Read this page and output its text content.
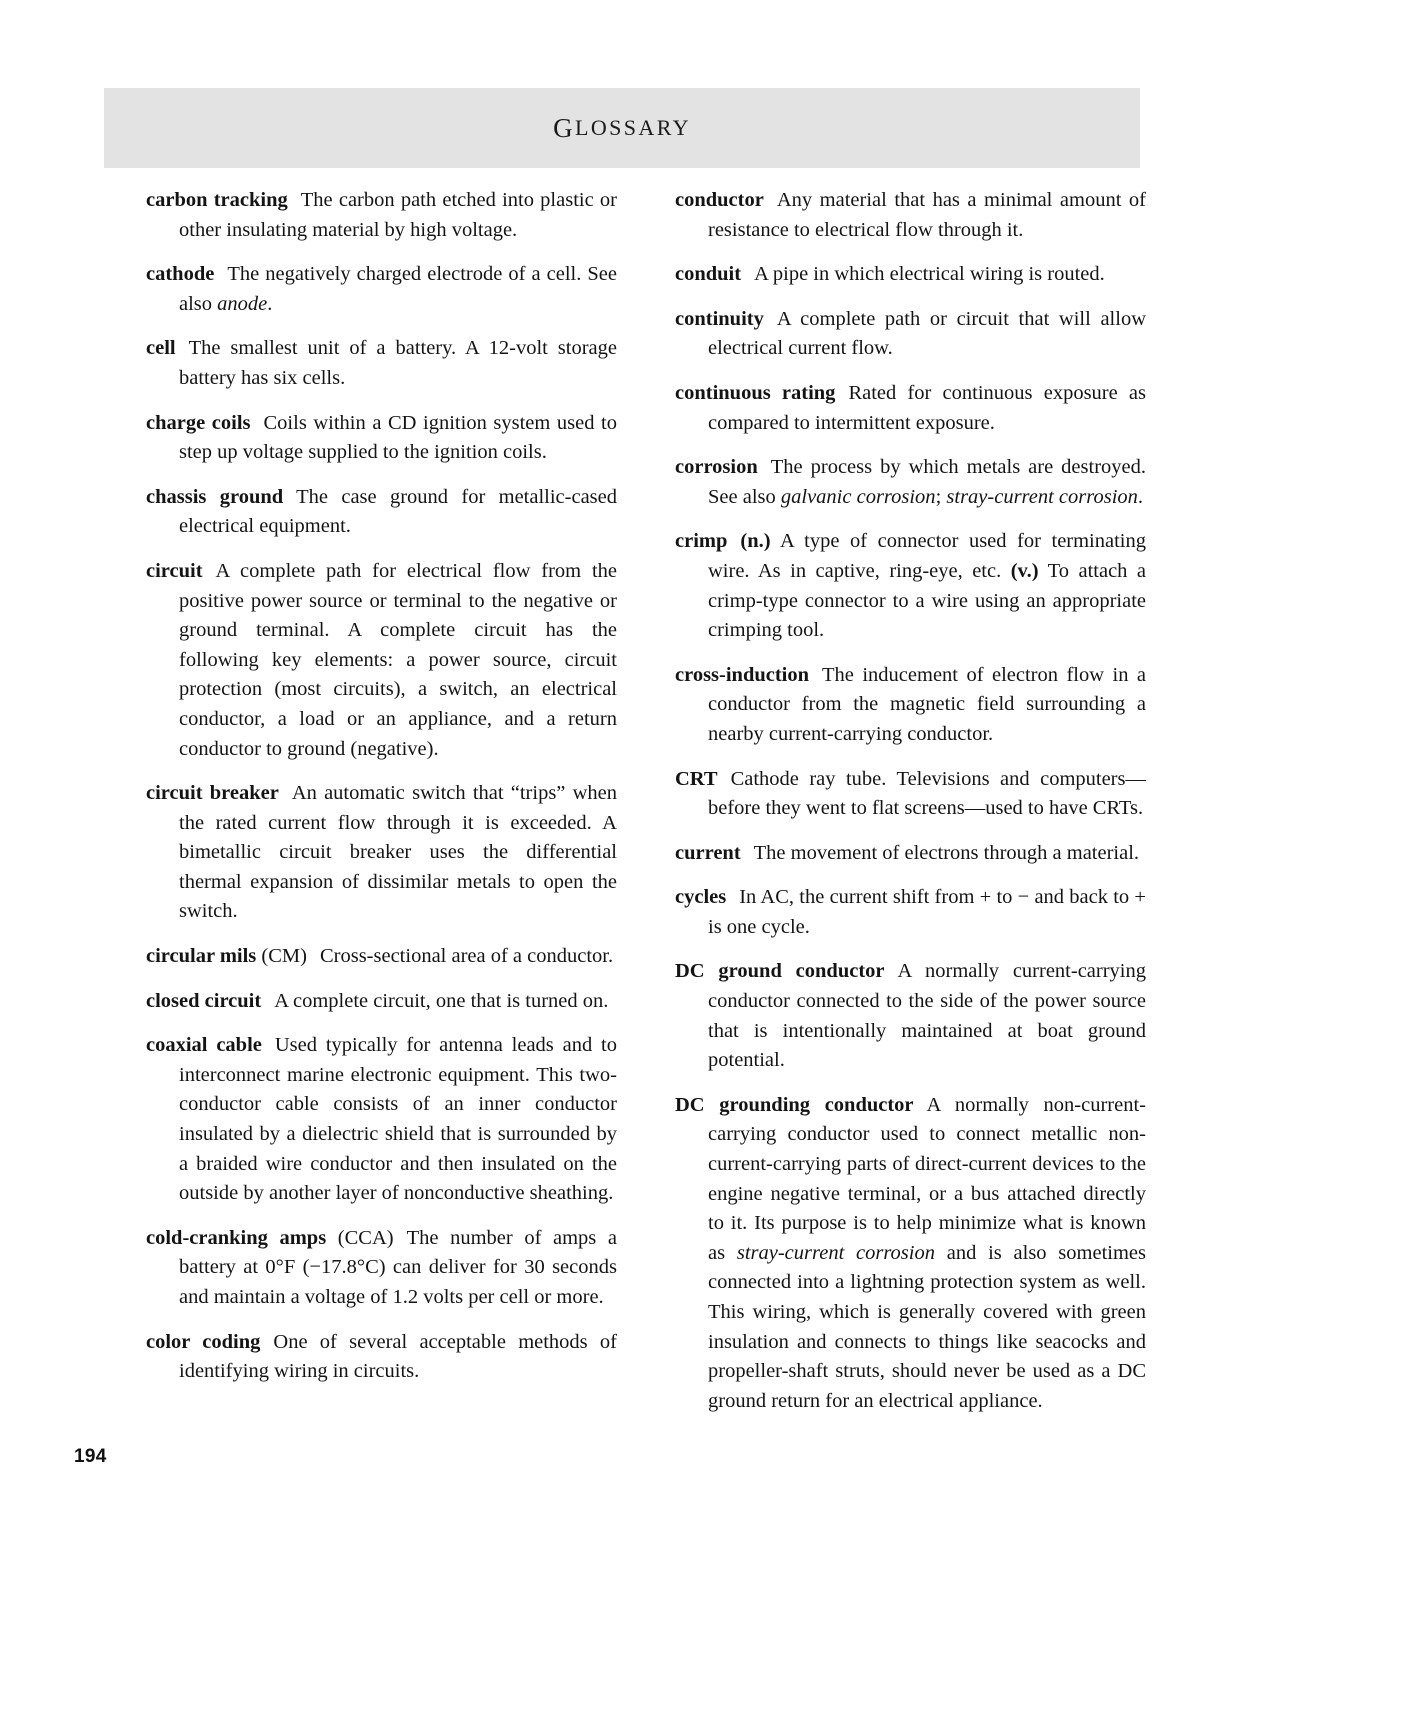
G LOSSARY

carbon tracking The carbon path etched into plastic or other insulating material by high voltage.

cathode The negatively charged electrode of a cell. See also anode.

cell The smallest unit of a battery. A 12-volt storage battery has six cells.

charge coils Coils within a CD ignition system used to step up voltage supplied to the ignition coils.

chassis ground The case ground for metallic-cased electrical equipment.

circuit A complete path for electrical flow from the positive power source or terminal to the negative or ground terminal. A complete circuit has the following key elements: a power source, circuit protection (most circuits), a switch, an electrical conductor, a load or an appliance, and a return conductor to ground (negative).

circuit breaker An automatic switch that “trips” when the rated current flow through it is exceeded. A bimetallic circuit breaker uses the differential thermal expansion of dissimilar metals to open the switch.

circular mils (CM) Cross-sectional area of a conductor.

closed circuit A complete circuit, one that is turned on.

coaxial cable Used typically for antenna leads and to interconnect marine electronic equipment. This two-conductor cable consists of an inner conductor insulated by a dielectric shield that is surrounded by a braided wire conductor and then insulated on the outside by another layer of nonconductive sheathing.

cold-cranking amps (CCA) The number of amps a battery at 0°F (−17.8°C) can deliver for 30 seconds and maintain a voltage of 1.2 volts per cell or more.

color coding One of several acceptable methods of identifying wiring in circuits.

conductor Any material that has a minimal amount of resistance to electrical flow through it.

conduit A pipe in which electrical wiring is routed.

continuity A complete path or circuit that will allow electrical current flow.

continuous rating Rated for continuous exposure as compared to intermittent exposure.

corrosion The process by which metals are destroyed. See also galvanic corrosion; stray-current corrosion.

crimp (n.) A type of connector used for terminating wire. As in captive, ring-eye, etc. (v.) To attach a crimp-type connector to a wire using an appropriate crimping tool.

cross-induction The inducement of electron flow in a conductor from the magnetic field surrounding a nearby current-carrying conductor.

CRT Cathode ray tube. Televisions and computers—before they went to flat screens—used to have CRTs.

current The movement of electrons through a material.

cycles In AC, the current shift from + to − and back to + is one cycle.

DC ground conductor A normally current-carrying conductor connected to the side of the power source that is intentionally maintained at boat ground potential.

DC grounding conductor A normally non-current-carrying conductor used to connect metallic non-current-carrying parts of direct-current devices to the engine negative terminal, or a bus attached directly to it. Its purpose is to help minimize what is known as stray-current corrosion and is also sometimes connected into a lightning protection system as well. This wiring, which is generally covered with green insulation and connects to things like seacocks and propeller-shaft struts, should never be used as a DC ground return for an electrical appliance.

194
